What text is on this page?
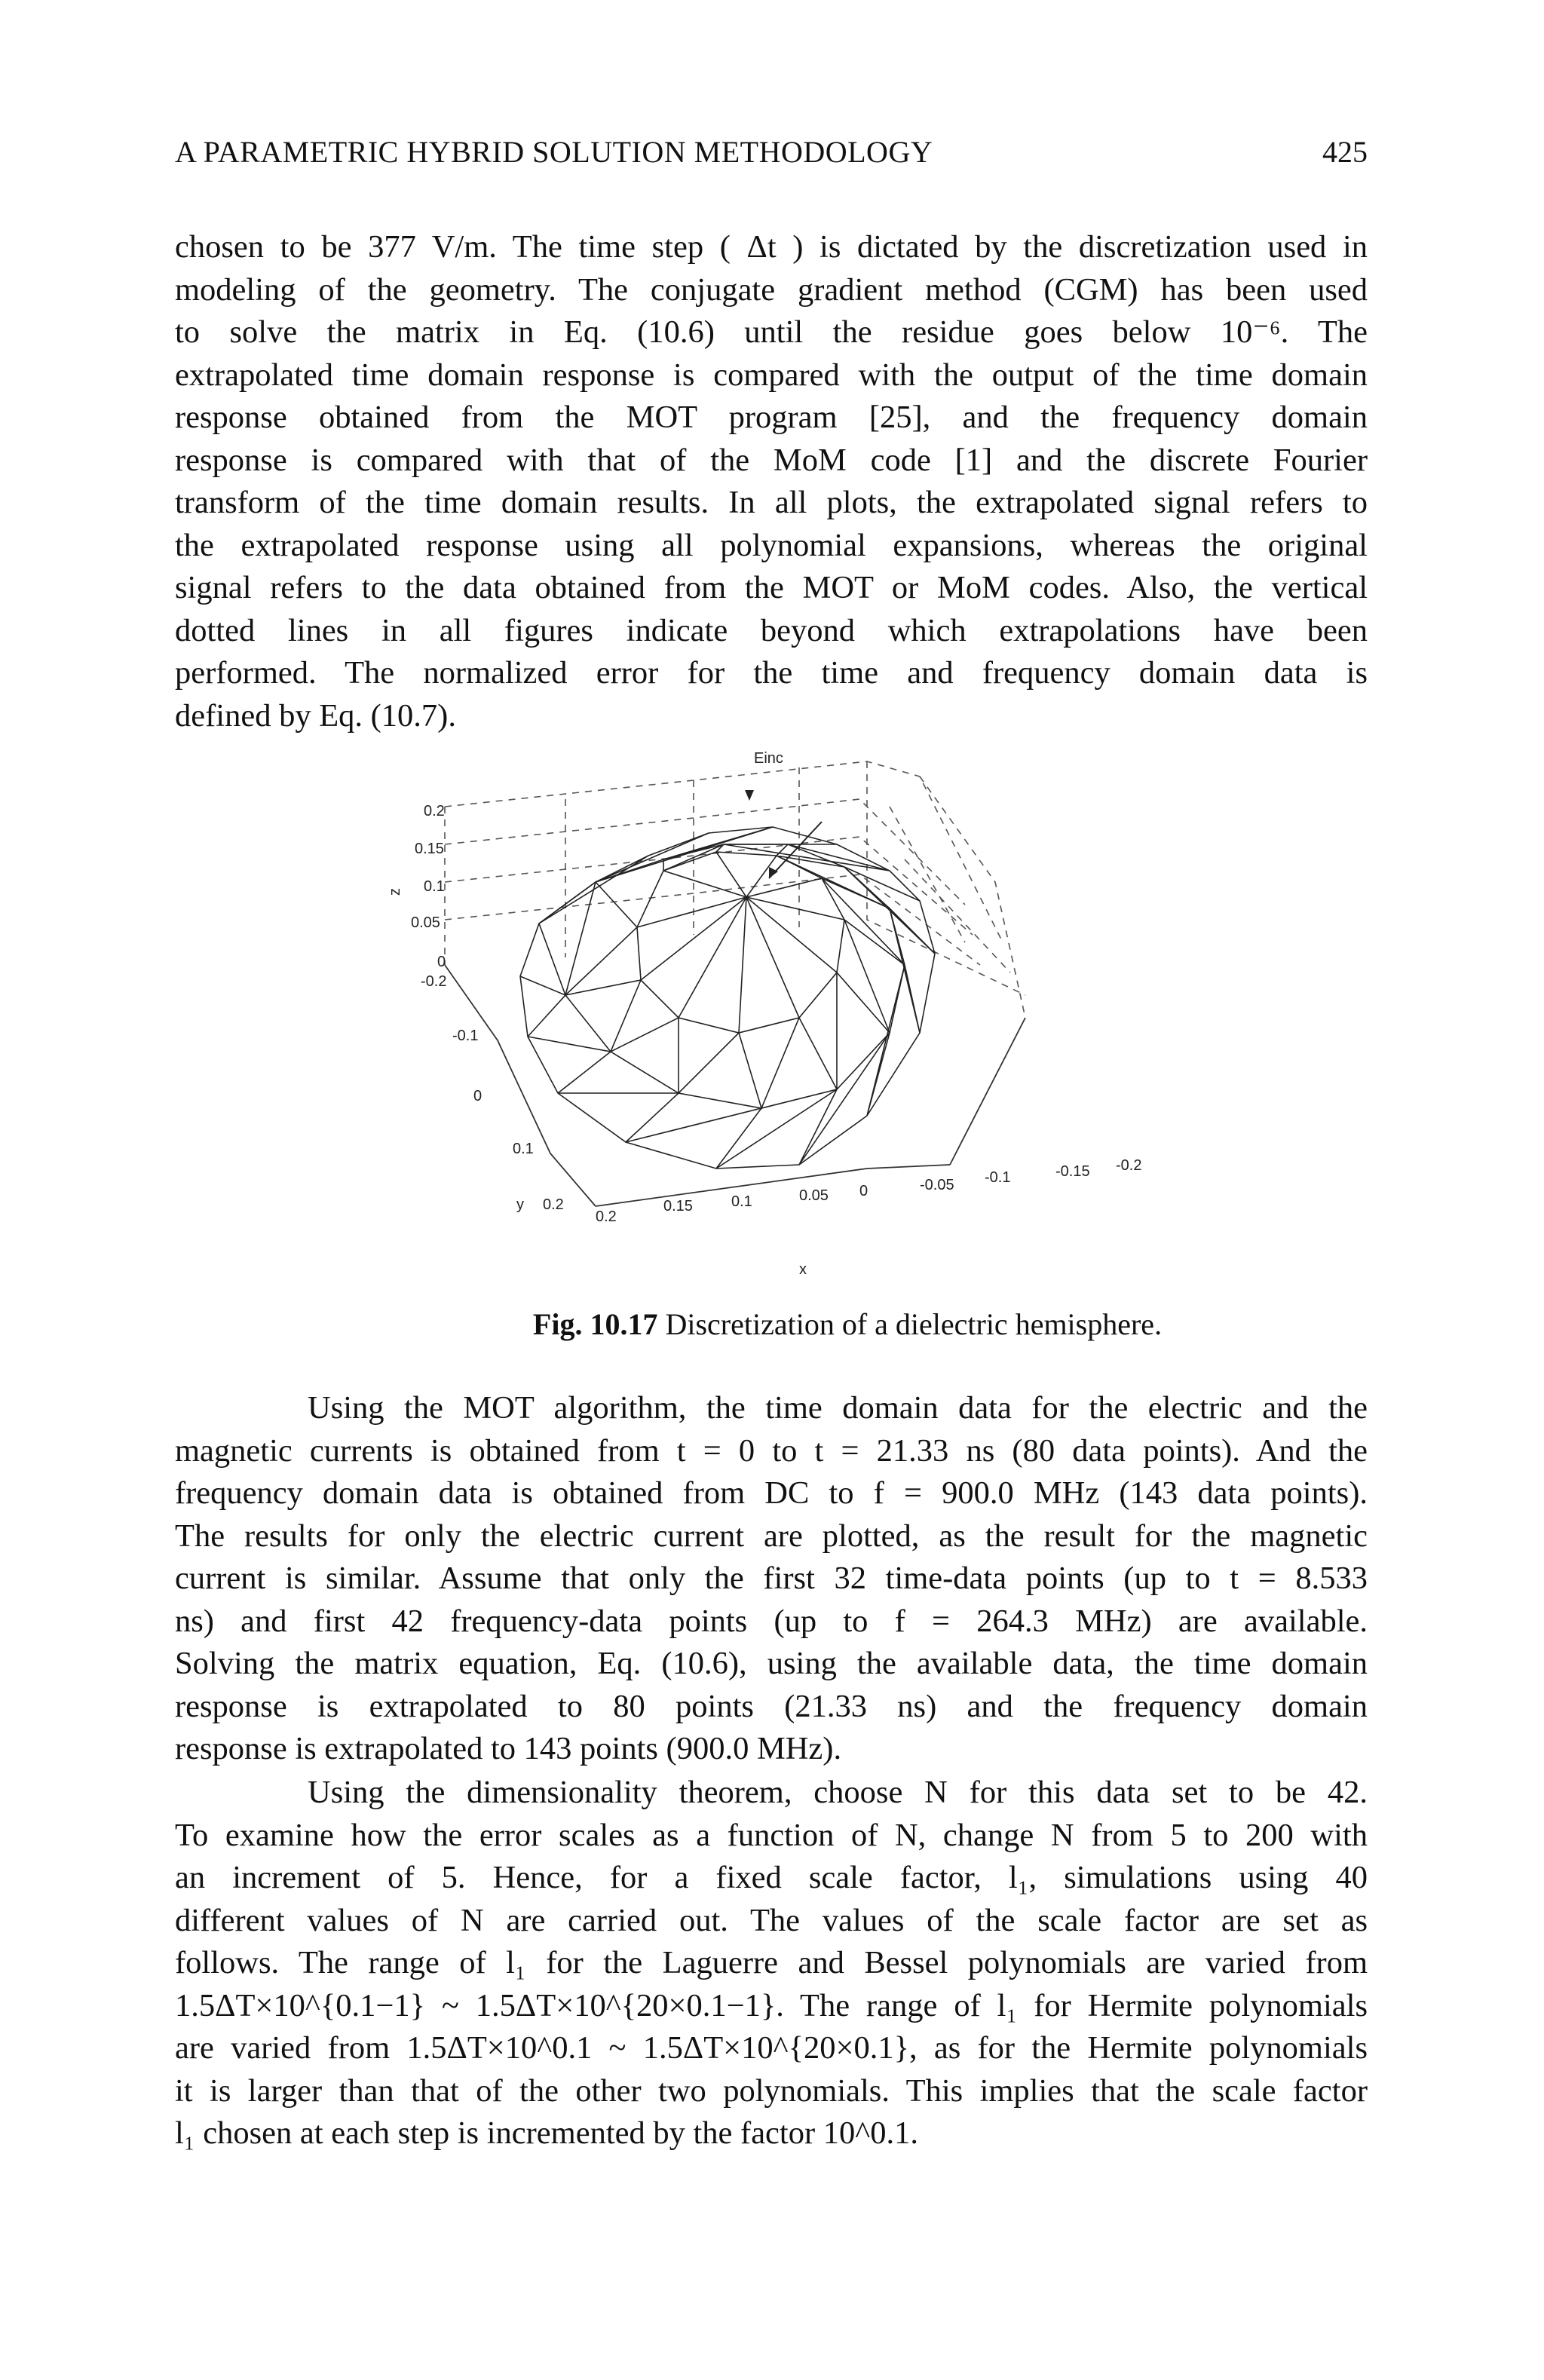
A PARAMETRIC HYBRID SOLUTION METHODOLOGY	425
chosen to be 377 V/m. The time step ( Δt ) is dictated by the discretization used in
modeling of the geometry. The conjugate gradient method (CGM) has been used
to solve the matrix in Eq. (10.6) until the residue goes below 10⁻⁶. The
extrapolated time domain response is compared with the output of the time domain
response obtained from the MOT program [25], and the frequency domain
response is compared with that of the MoM code [1] and the discrete Fourier
transform of the time domain results. In all plots, the extrapolated signal refers to
the extrapolated response using all polynomial expansions, whereas the original
signal refers to the data obtained from the MOT or MoM codes. Also, the vertical
dotted lines in all figures indicate beyond which extrapolations have been
performed. The normalized error for the time and frequency domain data is
defined by Eq. (10.7).
Einc
0.2
0.15
0.1
0.05
0
z
-0.2
-0.1
0
0.1
0.2
y
0.2
0.15	0.1	0.05 0	-0.05 -0.1	-0.15 -0.2
x
Fig. 10.17 Discretization of a dielectric hemisphere.
Using the MOT algorithm, the time domain data for the electric and the
magnetic currents is obtained from t = 0 to t = 21.33 ns (80 data points). And the
frequency domain data is obtained from DC to f = 900.0 MHz (143 data points).
The results for only the electric current are plotted, as the result for the magnetic
current is similar. Assume that only the first 32 time-data points (up to t = 8.533
ns) and first 42 frequency-data points (up to f = 264.3 MHz) are available.
Solving the matrix equation, Eq. (10.6), using the available data, the time domain
response is extrapolated to 80 points (21.33 ns) and the frequency domain
response is extrapolated to 143 points (900.0 MHz).
Using the dimensionality theorem, choose N for this data set to be 42.
To examine how the error scales as a function of N, change N from 5 to 200 with
an increment of 5. Hence, for a fixed scale factor, l₁, simulations using 40
different values of N are carried out. The values of the scale factor are set as
follows. The range of l₁ for the Laguerre and Bessel polynomials are varied from
1.5ΔT×10^{0.1−1} ~ 1.5ΔT×10^{20×0.1−1}. The range of l₁ for Hermite polynomials
are varied from 1.5ΔT×10^0.1 ~ 1.5ΔT×10^{20×0.1}, as for the Hermite polynomials
it is larger than that of the other two polynomials. This implies that the scale factor
l₁ chosen at each step is incremented by the factor 10^0.1.
